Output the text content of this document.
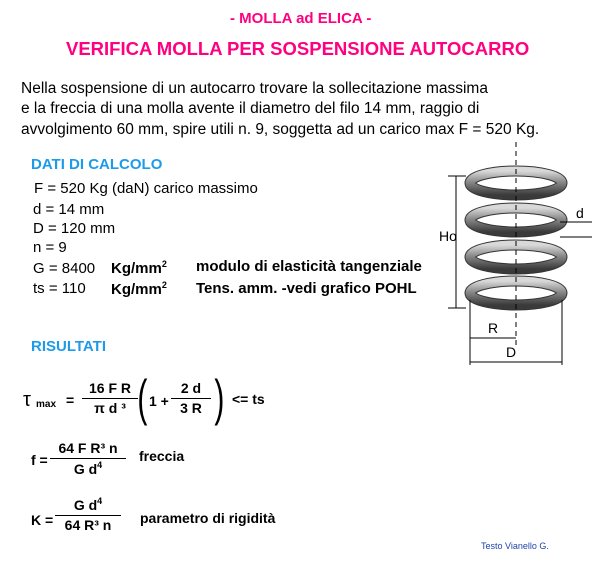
- MOLLA ad ELICA -
VERIFICA MOLLA PER SOSPENSIONE AUTOCARRO
Nella sospensione di un autocarro trovare la sollecitazione massima
e la freccia di una molla avente il diametro del filo 14 mm, raggio di
avvolgimento 60 mm, spire utili n. 9, soggetta ad un carico max F = 520 Kg.
DATI DI CALCOLO
F = 520 Kg (daN) carico massimo
d = 14 mm
D = 120 mm
n = 9
G = 8400 $Kg/mm^2$ modulo di elasticità tangenziale
ts = 110 $Kg/mm^2$ Tens. amm. -vedi grafico POHL
RISULTATI
τ $\max = \frac{\text{16 F R}}{\text{π d ³}}$ ( $1 + \frac{2 d}{3 R}$ ) <= ts
$f = \frac{\text{64 F R³ n}}{G d^4}$ freccia
$K = \frac{G d^4}{\text{64 R³ n}}$ parametro di rigidità
Ho
d
R
D
Testo Vianello G.
